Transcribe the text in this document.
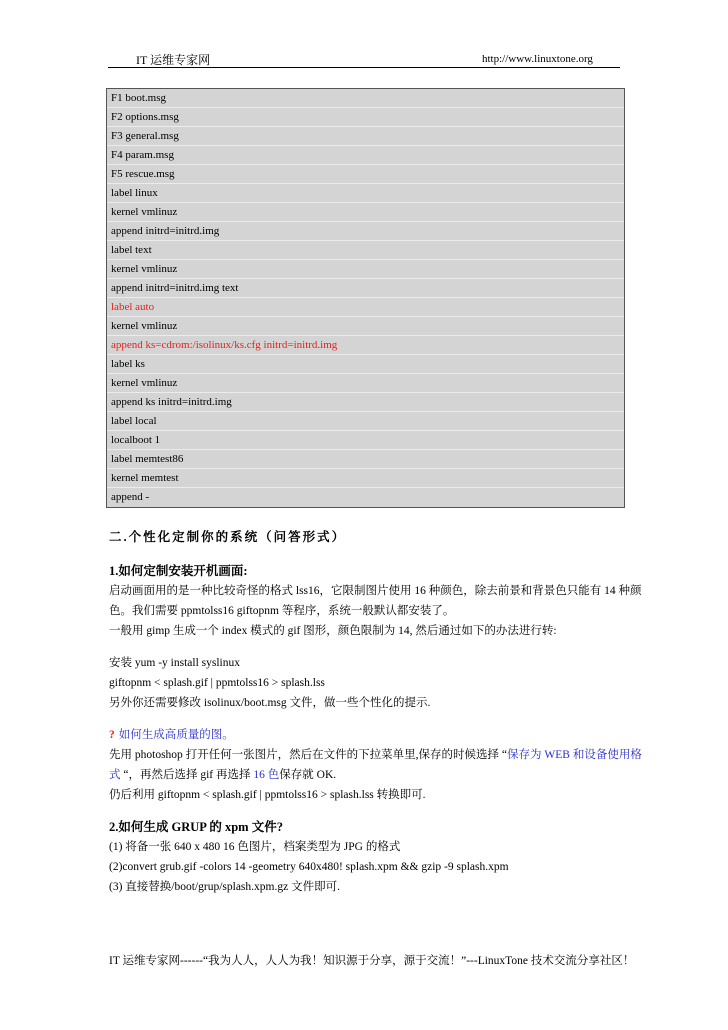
IT 运维专家网	http://www.linuxtone.org
F1 boot.msg
F2 options.msg
F3 general.msg
F4 param.msg
F5 rescue.msg
label linux
kernel vmlinuz
append initrd=initrd.img
label text
kernel vmlinuz
append initrd=initrd.img text
label auto
kernel vmlinuz
append ks=cdrom:/isolinux/ks.cfg initrd=initrd.img
label ks
kernel vmlinuz
append ks initrd=initrd.img
label local
localboot 1
label memtest86
kernel memtest
append -

二.个性化定制你的系统（问答形式）

1.如何定制安装开机画面:

启动画面用的是一种比较奇怪的格式 lss16，它限制图片使用 16 种颜色，除去前景和背景色只能有 14 种颜

色。我们需要 ppmtolss16 giftopnm 等程序，系统一般默认都安装了。

一般用 gimp 生成一个 index 模式的 gif 图形，颜色限制为 14, 然后通过如下的办法进行转:

安装 yum -y install syslinux

giftopnm < splash.gif | ppmtolss16 > splash.lss

另外你还需要修改 isolinux/boot.msg 文件，做一些个性化的提示.

? 如何生成高质量的图。

先用 photoshop 打开任何一张图片，然后在文件的下拉菜单里,保存的时候选择 “保存为 WEB 和设备使用格

式 “，再然后选择 gif 再选择 16 色保存就 OK.

仍后利用 giftopnm < splash.gif | ppmtolss16 > splash.lss 转换即可.

2.如何生成 GRUP 的 xpm 文件?

(1) 将备一张 640 x 480 16 色图片，档案类型为 JPG 的格式

(2)convert grub.gif -colors 14 -geometry 640x480! splash.xpm && gzip -9 splash.xpm

(3) 直接替换/boot/grup/splash.xpm.gz 文件即可.

IT 运维专家网------“我为人人，人人为我！知识源于分享，源于交流！”---LinuxTone 技术交流分享社区！
